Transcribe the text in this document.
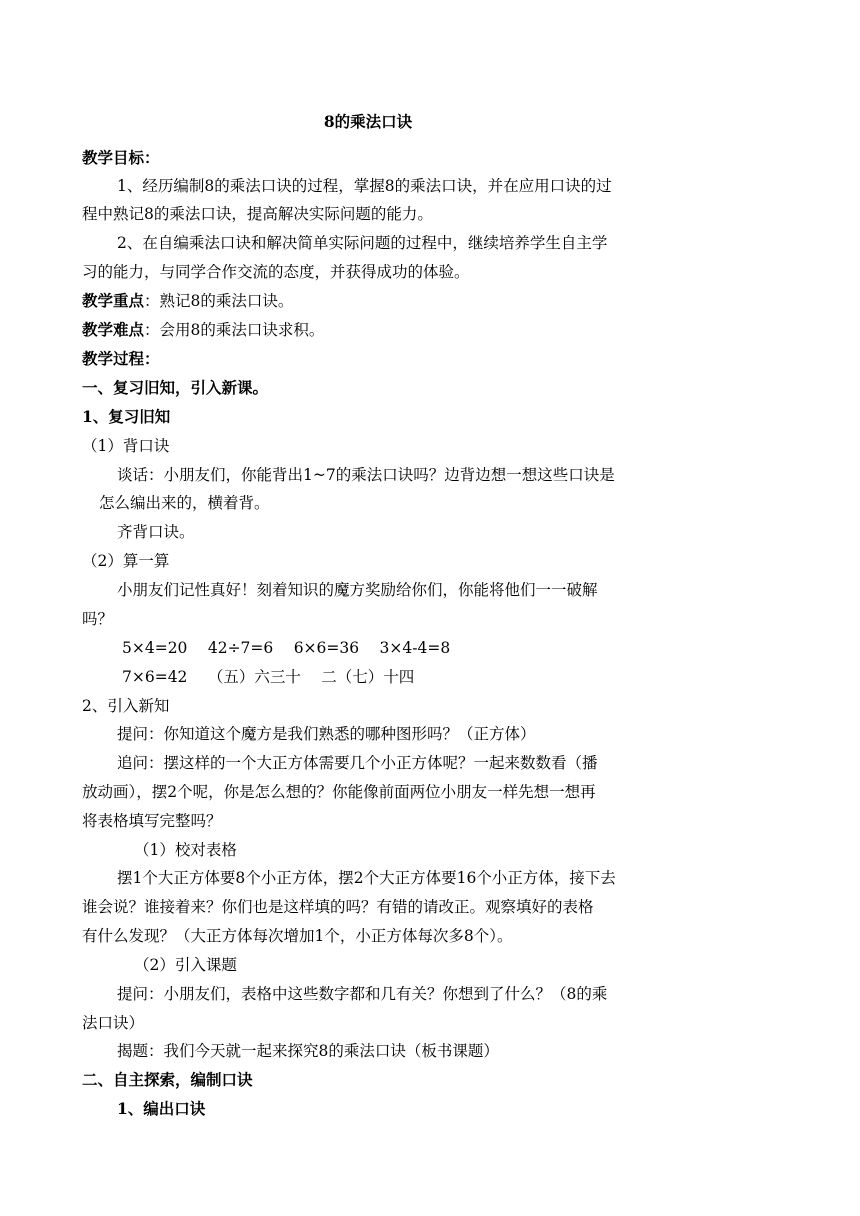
8的乘法口诀
教学目标：
1、经历编制8的乘法口诀的过程，掌握8的乘法口诀，并在应用口诀的过
程中熟记8的乘法口诀，提高解决实际问题的能力。
2、在自编乘法口诀和解决简单实际问题的过程中，继续培养学生自主学
习的能力，与同学合作交流的态度，并获得成功的体验。
教学重点：熟记8的乘法口诀。
教学难点：会用8的乘法口诀求积。
教学过程：
一、复习旧知，引入新课。
1、复习旧知
（1）背口诀
谈话：小朋友们，你能背出1~7的乘法口诀吗？边背边想一想这些口诀是
怎么编出来的，横着背。
齐背口诀。
（2）算一算
小朋友们记性真好！刻着知识的魔方奖励给你们，你能将他们一一破解
吗？
5×4=20　 42÷7=6　 6×6=36　 3×4-4=8
7×6=42　 （五）六三十　 二（七）十四
2、引入新知
提问：你知道这个魔方是我们熟悉的哪种图形吗？（正方体）
追问：摆这样的一个大正方体需要几个小正方体呢？一起来数数看（播
放动画），摆2个呢，你是怎么想的？你能像前面两位小朋友一样先想一想再
将表格填写完整吗？
（1）校对表格
摆1个大正方体要8个小正方体，摆2个大正方体要16个小正方体，接下去
谁会说？谁接着来？你们也是这样填的吗？有错的请改正。观察填好的表格
有什么发现？（大正方体每次增加1个，小正方体每次多8个）。
（2）引入课题
提问：小朋友们，表格中这些数字都和几有关？你想到了什么？（8的乘
法口诀）
揭题：我们今天就一起来探究8的乘法口诀（板书课题）
二、自主探索，编制口诀
1、编出口诀
